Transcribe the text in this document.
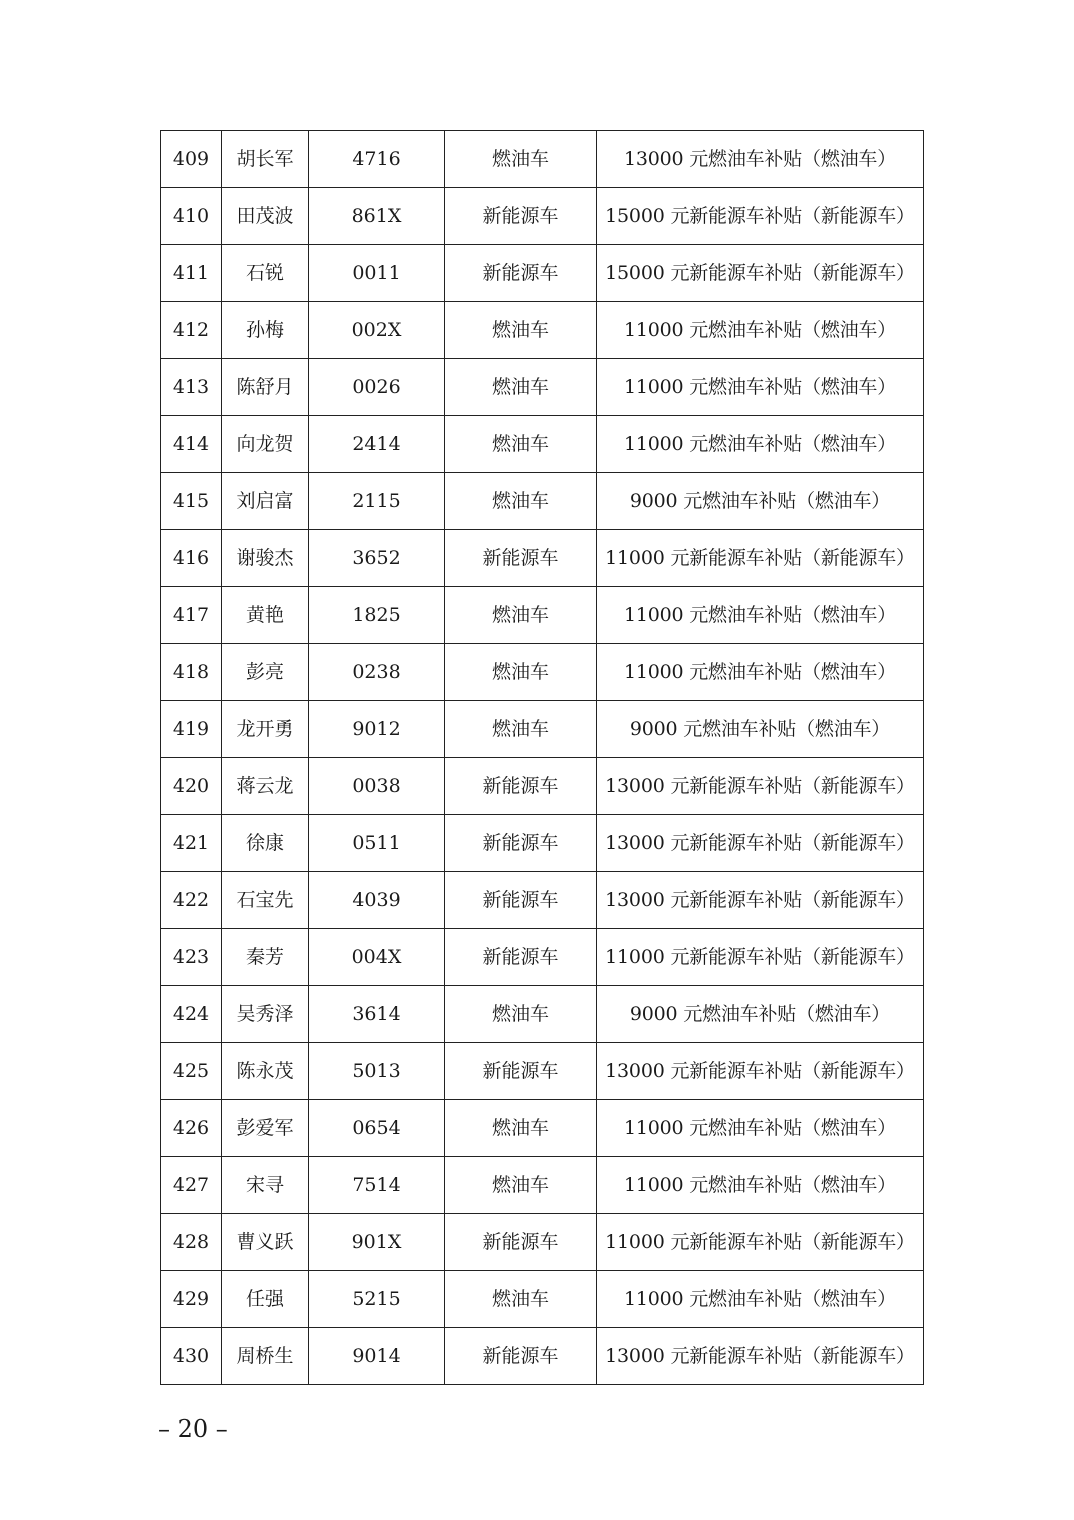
409	胡长军	4716	燃油车	13000 元燃油车补贴（燃油车）
410	田茂波	861X	新能源车	15000 元新能源车补贴（新能源车）
411	石锐	0011	新能源车	15000 元新能源车补贴（新能源车）
412	孙梅	002X	燃油车	11000 元燃油车补贴（燃油车）
413	陈舒月	0026	燃油车	11000 元燃油车补贴（燃油车）
414	向龙贺	2414	燃油车	11000 元燃油车补贴（燃油车）
415	刘启富	2115	燃油车	9000 元燃油车补贴（燃油车）
416	谢骏杰	3652	新能源车	11000 元新能源车补贴（新能源车）
417	黄艳	1825	燃油车	11000 元燃油车补贴（燃油车）
418	彭亮	0238	燃油车	11000 元燃油车补贴（燃油车）
419	龙开勇	9012	燃油车	9000 元燃油车补贴（燃油车）
420	蒋云龙	0038	新能源车	13000 元新能源车补贴（新能源车）
421	徐康	0511	新能源车	13000 元新能源车补贴（新能源车）
422	石宝先	4039	新能源车	13000 元新能源车补贴（新能源车）
423	秦芳	004X	新能源车	11000 元新能源车补贴（新能源车）
424	吴秀泽	3614	燃油车	9000 元燃油车补贴（燃油车）
425	陈永茂	5013	新能源车	13000 元新能源车补贴（新能源车）
426	彭爱军	0654	燃油车	11000 元燃油车补贴（燃油车）
427	宋寻	7514	燃油车	11000 元燃油车补贴（燃油车）
428	曹义跃	901X	新能源车	11000 元新能源车补贴（新能源车）
429	任强	5215	燃油车	11000 元燃油车补贴（燃油车）
430	周桥生	9014	新能源车	13000 元新能源车补贴（新能源车）
– 20 –
